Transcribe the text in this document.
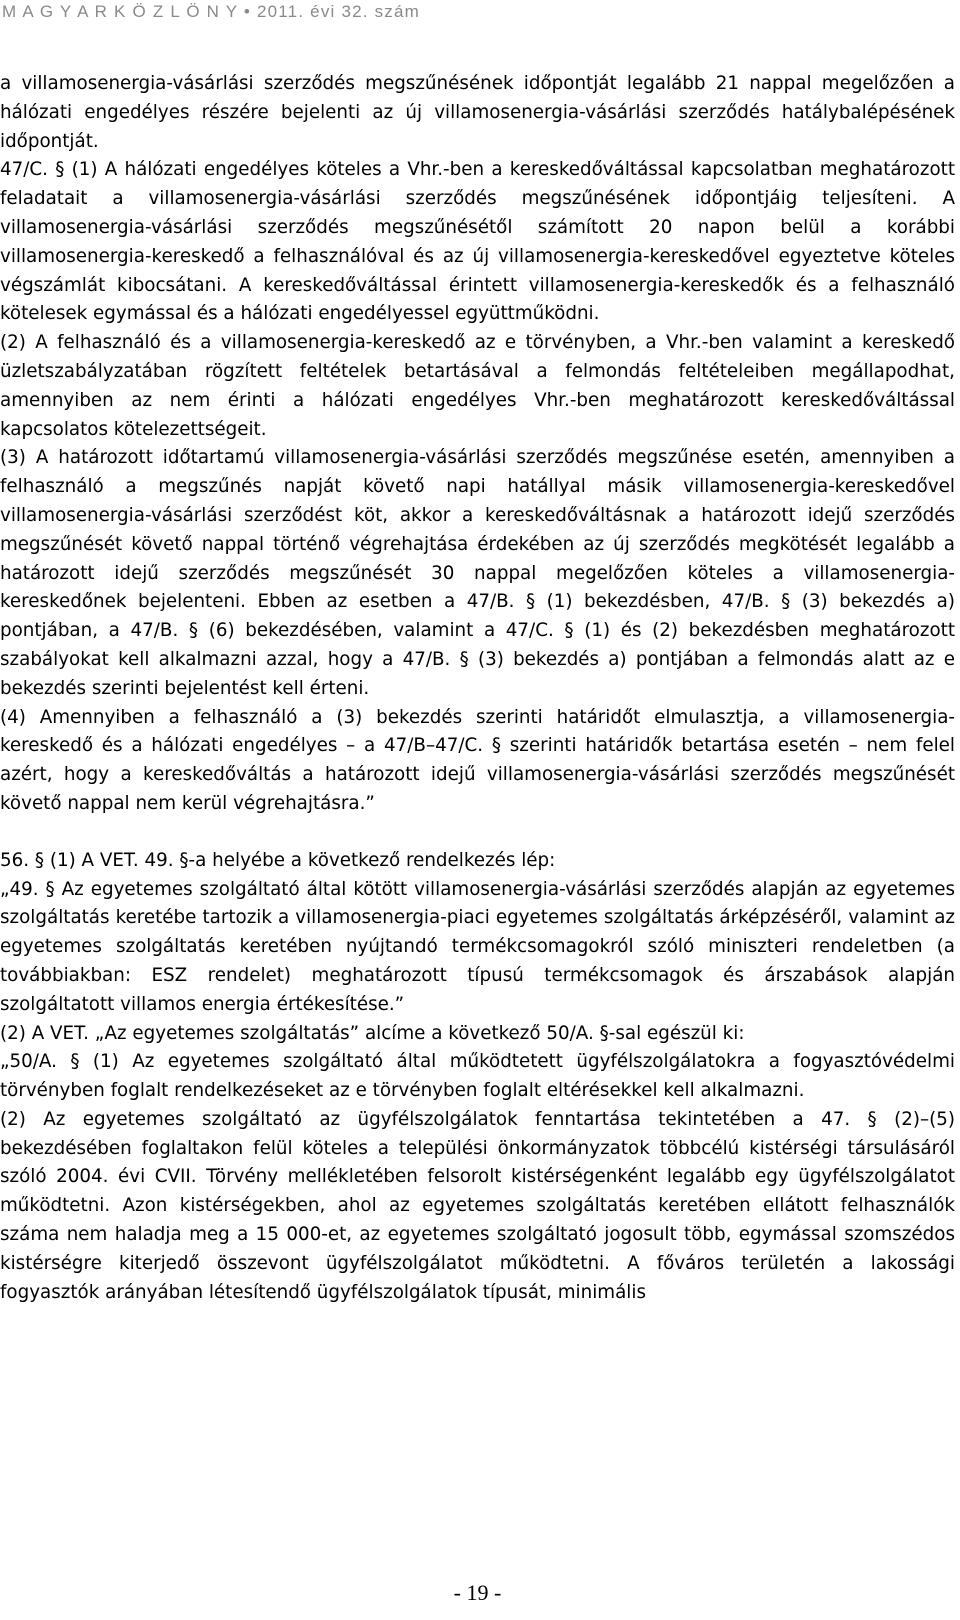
M A G Y A R K Ö Z L Ö N Y • 2011. évi 32. szám

a villamosenergia-vásárlási szerződés megszűnésének időpontját legalább 21 nappal megelőzően a hálózati engedélyes részére bejelenti az új villamosenergia-vásárlási szerződés hatálybalépésének időpontját.

47/C. § (1) A hálózati engedélyes köteles a Vhr.-ben a kereskedőváltással kapcsolatban meghatározott feladatait a villamosenergia-vásárlási szerződés megszűnésének időpontjáig teljesíteni. A villamosenergia-vásárlási szerződés megszűnésétől számított 20 napon belül a korábbi villamosenergia-kereskedő a felhasználóval és az új villamosenergia-kereskedővel egyeztetve köteles végszámlát kibocsátani. A kereskedőváltással érintett villamosenergia-kereskedők és a felhasználó kötelesek egymással és a hálózati engedélyessel együttműködni.

(2) A felhasználó és a villamosenergia-kereskedő az e törvényben, a Vhr.-ben valamint a kereskedő üzletszabályzatában rögzített feltételek betartásával a felmondás feltételeiben megállapodhat, amennyiben az nem érinti a hálózati engedélyes Vhr.-ben meghatározott kereskedőváltással kapcsolatos kötelezettségeit.

(3) A határozott időtartamú villamosenergia-vásárlási szerződés megszűnése esetén, amennyiben a felhasználó a megszűnés napját követő napi hatállyal másik villamosenergia-kereskedővel villamosenergia-vásárlási szerződést köt, akkor a kereskedőváltásnak a határozott idejű szerződés megszűnését követő nappal történő végrehajtása érdekében az új szerződés megkötését legalább a határozott idejű szerződés megszűnését 30 nappal megelőzően köteles a villamosenergia-kereskedőnek bejelenteni. Ebben az esetben a 47/B. § (1) bekezdésben, 47/B. § (3) bekezdés a) pontjában, a 47/B. § (6) bekezdésében, valamint a 47/C. § (1) és (2) bekezdésben meghatározott szabályokat kell alkalmazni azzal, hogy a 47/B. § (3) bekezdés a) pontjában a felmondás alatt az e bekezdés szerinti bejelentést kell érteni.

(4) Amennyiben a felhasználó a (3) bekezdés szerinti határidőt elmulasztja, a villamosenergia-kereskedő és a hálózati engedélyes – a 47/B–47/C. § szerinti határidők betartása esetén – nem felel azért, hogy a kereskedőváltás a határozott idejű villamosenergia-vásárlási szerződés megszűnését követő nappal nem kerül végrehajtásra.”

56. § (1) A VET. 49. §-a helyébe a következő rendelkezés lép:

„49. § Az egyetemes szolgáltató által kötött villamosenergia-vásárlási szerződés alapján az egyetemes szolgáltatás keretébe tartozik a villamosenergia-piaci egyetemes szolgáltatás árképzéséről, valamint az egyetemes szolgáltatás keretében nyújtandó termékcsomagokról szóló miniszteri rendeletben (a továbbiakban: ESZ rendelet) meghatározott típusú termékcsomagok és árszabások alapján szolgáltatott villamos energia értékesítése.”

(2) A VET. „Az egyetemes szolgáltatás” alcíme a következő 50/A. §-sal egészül ki:

„50/A. § (1) Az egyetemes szolgáltató által működtetett ügyfélszolgálatokra a fogyasztóvédelmi törvényben foglalt rendelkezéseket az e törvényben foglalt eltérésekkel kell alkalmazni.

(2) Az egyetemes szolgáltató az ügyfélszolgálatok fenntartása tekintetében a 47. § (2)–(5) bekezdésében foglaltakon felül köteles a települési önkormányzatok többcélú kistérségi társulásáról szóló 2004. évi CVII. Törvény mellékletében felsorolt kistérségenként legalább egy ügyfélszolgálatot működtetni. Azon kistérségekben, ahol az egyetemes szolgáltatás keretében ellátott felhasználók száma nem haladja meg a 15 000-et, az egyetemes szolgáltató jogosult több, egymással szomszédos kistérségre kiterjedő összevont ügyfélszolgálatot működtetni. A főváros területén a lakossági fogyasztók arányában létesítendő ügyfélszolgálatok típusát, minimális

- 19 -
